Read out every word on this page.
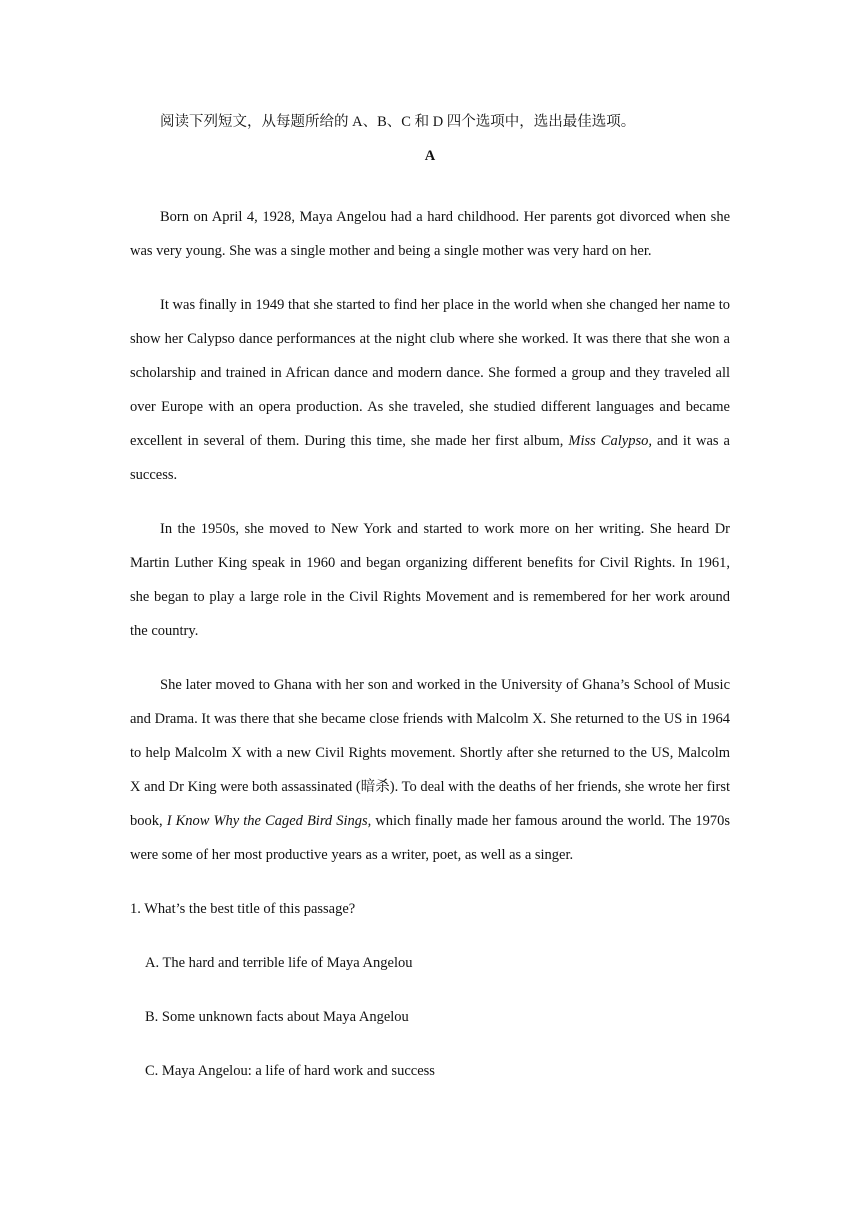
阅读下列短文，从每题所给的 A、B、C 和 D 四个选项中，选出最佳选项。

A

Born on April 4, 1928, Maya Angelou had a hard childhood. Her parents got divorced when she was very young. She was a single mother and being a single mother was very hard on her.

It was finally in 1949 that she started to find her place in the world when she changed her name to show her Calypso dance performances at the night club where she worked. It was there that she won a scholarship and trained in African dance and modern dance. She formed a group and they traveled all over Europe with an opera production. As she traveled, she studied different languages and became excellent in several of them. During this time, she made her first album, Miss Calypso, and it was a success.

In the 1950s, she moved to New York and started to work more on her writing. She heard Dr Martin Luther King speak in 1960 and began organizing different benefits for Civil Rights. In 1961, she began to play a large role in the Civil Rights Movement and is remembered for her work around the country.

She later moved to Ghana with her son and worked in the University of Ghana’s School of Music and Drama. It was there that she became close friends with Malcolm X. She returned to the US in 1964 to help Malcolm X with a new Civil Rights movement. Shortly after she returned to the US, Malcolm X and Dr King were both assassinated (暗杀). To deal with the deaths of her friends, she wrote her first book, I Know Why the Caged Bird Sings, which finally made her famous around the world. The 1970s were some of her most productive years as a writer, poet, as well as a singer.

1. What’s the best title of this passage?

A. The hard and terrible life of Maya Angelou

B. Some unknown facts about Maya Angelou

C. Maya Angelou: a life of hard work and success
